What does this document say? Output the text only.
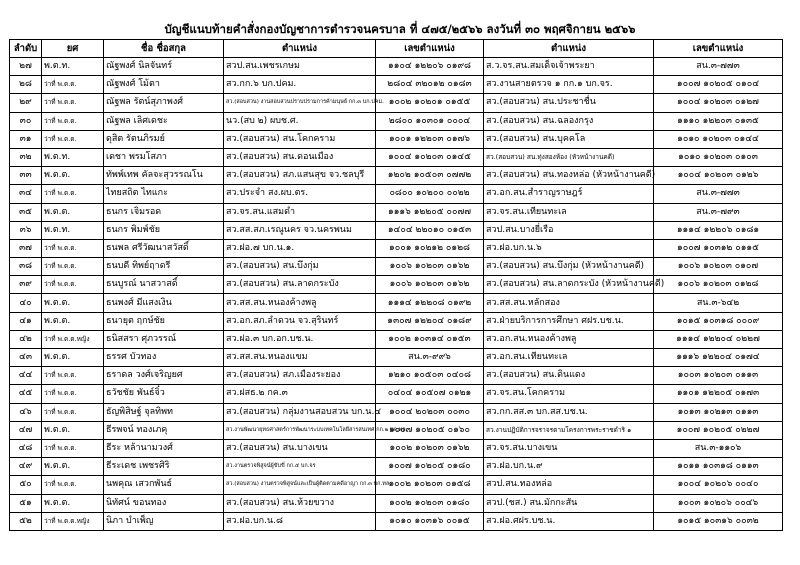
บัญชีแนบท้ายคำสั่งกองบัญชาการตำรวจนครบาล ที่ ๔๗๕/๒๕๖๖ ลงวันที่ ๓๐ พฤศจิกายน ๒๕๖๖
ลำดับ	ยศ	ชื่อ ชื่อสกุล	ตำแหน่ง	เลขตำแหน่ง	ตำแหน่ง	เลขตำแหน่ง
๒๗	พ.ต.ท.	ณัฐพงศ์ นิลจันทร์	สวป.สน.เพชรเกษม	๑๑๐๔ ๑๒๒๐๖ ๐๑๙๘	ส.ว.จร.สน.สมเด็จเจ้าพระยา	สน.๓-๗๗๓
๒๘	ว่าที่ พ.ต.ต.	ณัฐพงศ์ โม้ตา	สว.กก.๖ บก.ปคม.	๒๘๐๔ ๓๒๐๑๒ ๐๑๘๓	สว.งานสายตรวจ ๑ กก.๑ บก.จร.	๑๐๐๗ ๑๐๒๐๕ ๐๑๐๔
๒๙	ว่าที่ พ.ต.ต.	ณัฐพล รัตน์สุภาพงศ์	สว.(สอบสวน) งานสอบสวนปราบปรามการค้ามนุษย์ กก.๓ บก.ปคม.	๑๐๐๒ ๑๐๒๐๑ ๐๑๕๕	สว.(สอบสวน) สน.ประชาชื่น	๑๐๐๔ ๑๐๒๐๓ ๐๑๒๗
๓๐	ว่าที่ พ.ต.ต.	ณัฐพล เลิศเดชะ	นว.(สบ ๒) ผบช.ศ.	๒๘๐๐ ๑๐๓๐๑ ๐๐๐๔	สว.(สอบสวน) สน.ฉลองกรุง	๑๑๑๐ ๑๒๒๐๓ ๐๑๓๕
๓๑	ว่าที่ พ.ต.ต.	ดุสิต รัตนภิรมย์	สว.(สอบสวน) สน.โคกคราม	๑๐๐๑ ๑๒๒๐๓ ๐๑๗๖	สว.(สอบสวน) สน.บุคคโล	๑๐๑๐ ๑๐๒๐๓ ๐๑๔๔
๓๒	พ.ต.ท.	เดชา พรมโสภา	สว.(สอบสวน) สน.ดอนเมือง	๑๐๐๔ ๑๐๒๐๓ ๐๑๔๕	สว.(สอบสวน) สน.ทุ่งสองห้อง (หัวหน้างานคดี)	๑๐๑๐ ๑๐๒๐๓ ๐๑๐๓
๓๓	พ.ต.ต.	ทัพพ์เทพ คัลจะสุวรรณโน	สว.(สอบสวน) สภ.แสนสุข จว.ชลบุรี	๑๒๐๒ ๑๐๕๐๓ ๐๗๗๒	สว.(สอบสวน) สน.ทองหล่อ (หัวหน้างานคดี)	๑๐๐๔ ๑๐๒๐๓ ๐๑๒๖
๓๔	ว่าที่ พ.ต.ต.	ไทยสถิต ไทแกะ	สว.ประจำ สง.ผบ.ตร.	๐๘๐๐ ๑๐๒๐๐ ๐๐๒๒	สว.อก.สน.สำราญราษฎร์	สน.๓-๗๗๓
๓๕	พ.ต.ต.	ธนกร เจิมรอด	สว.จร.สน.แสมดำ	๑๑๑๖ ๑๒๒๐๕ ๐๐๗๗	สว.จร.สน.เทียนทะเล	สน.๓-๗๙๓
๓๖	พ.ต.ท.	ธนกร พิมพ์ชัย	สว.สส.สภ.เรณูนคร จว.นครพนม	๑๔๐๔ ๒๒๐๑๐ ๐๑๕๓	สวป.สน.บางยี่เรือ	๑๑๑๔ ๑๒๒๐๖ ๐๑๘๑
๓๗	ว่าที่ พ.ต.ต.	ธนพล ศรีวัฒนาสวัสดิ์	สว.ฝอ.๗ บก.น.๑.	๑๐๐๑ ๑๐๒๑๒ ๐๑๒๘	สว.ฝอ.บก.น.๖	๑๐๐๗ ๑๐๓๑๒ ๐๑๑๕
๓๘	ว่าที่ พ.ต.ต.	ธนบดี ทิพย์ฤาดรี	สว.(สอบสวน) สน.บึงกุ่ม	๑๐๐๖ ๑๐๒๐๓ ๐๑๖๒	สว.(สอบสวน) สน.บึงกุ่ม (หัวหน้างานคดี)	๑๐๐๖ ๑๐๒๐๓ ๐๑๐๗
๓๙	ว่าที่ พ.ต.ต.	ธนบูรณ์ นาสวาสดิ์	สว.(สอบสวน) สน.ลาดกระบัง	๑๐๐๖ ๑๐๒๐๓ ๐๑๖๒	สว.(สอบสวน) สน.ลาดกระบัง (หัวหน้างานคดี)	๑๐๐๖ ๑๐๒๐๓ ๐๑๒๘
๔๐	พ.ต.ต.	ธนพงศ์ มีแสงเงิน	สว.สส.สน.หนองค้างพลู	๑๑๑๔ ๑๒๒๐๘ ๐๑๙๒	สว.สส.สน.หลักสอง	สน.๓-๖๔๒
๔๑	พ.ต.ต.	ธนายุต ฤกษ์ชัย	สว.อก.สภ.ลำดวน จว.สุรินทร์	๑๓๐๗ ๑๒๒๐๔ ๐๑๘๙	สว.ฝ่ายบริการการศึกษา ศฝร.บช.น.	๑๐๑๕ ๑๐๓๑๘ ๐๐๐๙
๔๒	ว่าที่ พ.ต.ต.หญิง	ธนิสสรา ศุภวรรณ์	สว.ฝอ.๓ บก.อก.บช.น.	๑๐๐๒ ๑๐๓๑๔ ๐๑๕๓	สว.อก.สน.หนองค้างพลู	๑๑๑๔ ๑๒๒๐๔ ๐๒๒๗
๔๓	พ.ต.ต.	ธรรศ บัวทอง	สว.สส.สน.หนองแขม	สน.๓-๙๙๖	สว.อก.สน.เทียนทะเล	๑๑๑๖ ๑๒๒๐๔ ๐๑๗๔
๔๔	ว่าที่ พ.ต.ต.	ธราดล วงศ์เจริญยศ	สว.(สอบสวน) สภ.เมืองระยอง	๑๒๑๐ ๑๐๕๐๓ ๐๔๐๘	สว.(สอบสวน) สน.ดินแดง	๑๐๐๓ ๑๐๒๐๓ ๐๑๑๓
๔๕	ว่าที่ พ.ต.ต.	ธวัชชัย พันธ์จิ๋ว	สว.ฝสธ.๒ กค.๓	๐๔๐๔ ๑๐๕๐๗ ๐๑๒๑	สว.จร.สน.โคกคราม	๑๑๐๑ ๑๒๒๐๕ ๐๑๗๓
๔๖	ว่าที่ พ.ต.ต.	ธัญพิสิษฐ์ จุลทิพท	สว.(สอบสวน) กลุ่มงานสอบสวน บก.น.๔	๑๐๐๔ ๒๐๒๐๓ ๐๐๓๐	สว.กก.สส.๓ บก.สส.บช.น.	๑๐๑๓ ๑๐๒๑๓ ๐๑๑๓
๔๗	พ.ต.ต.	ธีรพจน์ ทองเภคุ	สว.งานพัฒนายุทธศาสตร์การพัฒนาระบบเทคโนโลยีสารสนเทศ กก.๒ บก.ทล.	๑๐๐๗ ๑๐๒๐๕ ๐๑๖๐	สว.งานปฏิบัติการจราจรตามโครงการพระราชดำริ ๑	๑๐๐๗ ๑๐๒๐๕ ๐๒๒๗
๔๘	ว่าที่ พ.ต.ต.	ธีระ หล้านามวงศ์	สว.(สอบสวน) สน.บางเขน	๑๐๐๒ ๑๐๒๐๓ ๐๑๖๒	สว.จร.สน.บางเขน	สน.๓-๑๑๐๖
๔๙	พ.ต.ต.	ธีระเดช เพชรศิริ	สว.งานตรวจพิสูจน์ผู้ขับขี่ กก.๕ บก.จร	๑๐๐๗ ๑๐๒๐๕ ๐๑๘๐	สว.ฝอ.บก.น.๙	๑๐๑๑ ๑๐๓๑๘ ๐๑๑๓
๕๐	ว่าที่ พ.ต.ต.	นพคุณ เสวกพันธ์	สว.(สอบสวน) งานตรวจพิสูจน์และเป็นผู้ติดตามคดีอาญา กก.๓ บก.ทล.	๑๐๐๒ ๑๐๒๐๓ ๐๑๕๘	สวป.สน.ทองหล่อ	๑๐๐๔ ๑๐๒๐๖ ๐๐๔๐
๕๑	พ.ต.ต.	นิทัศน์ ขอนทอง	สว.(สอบสวน) สน.ห้วยขวาง	๑๐๐๒ ๑๐๒๐๓ ๐๑๘๐	สวป.(ชส.) สน.มักกะสัน	๑๐๐๓ ๑๐๒๐๖ ๐๐๔๖
๕๒	ว่าที่ พ.ต.ต.หญิง	นิภา บำเพ็ญ	สว.ฝอ.บก.น.๘	๑๐๑๐ ๑๐๓๑๖ ๐๐๑๕	สว.ฝอ.ศฝร.บช.น.	๑๐๑๕ ๑๐๓๑๖ ๐๐๓๒
